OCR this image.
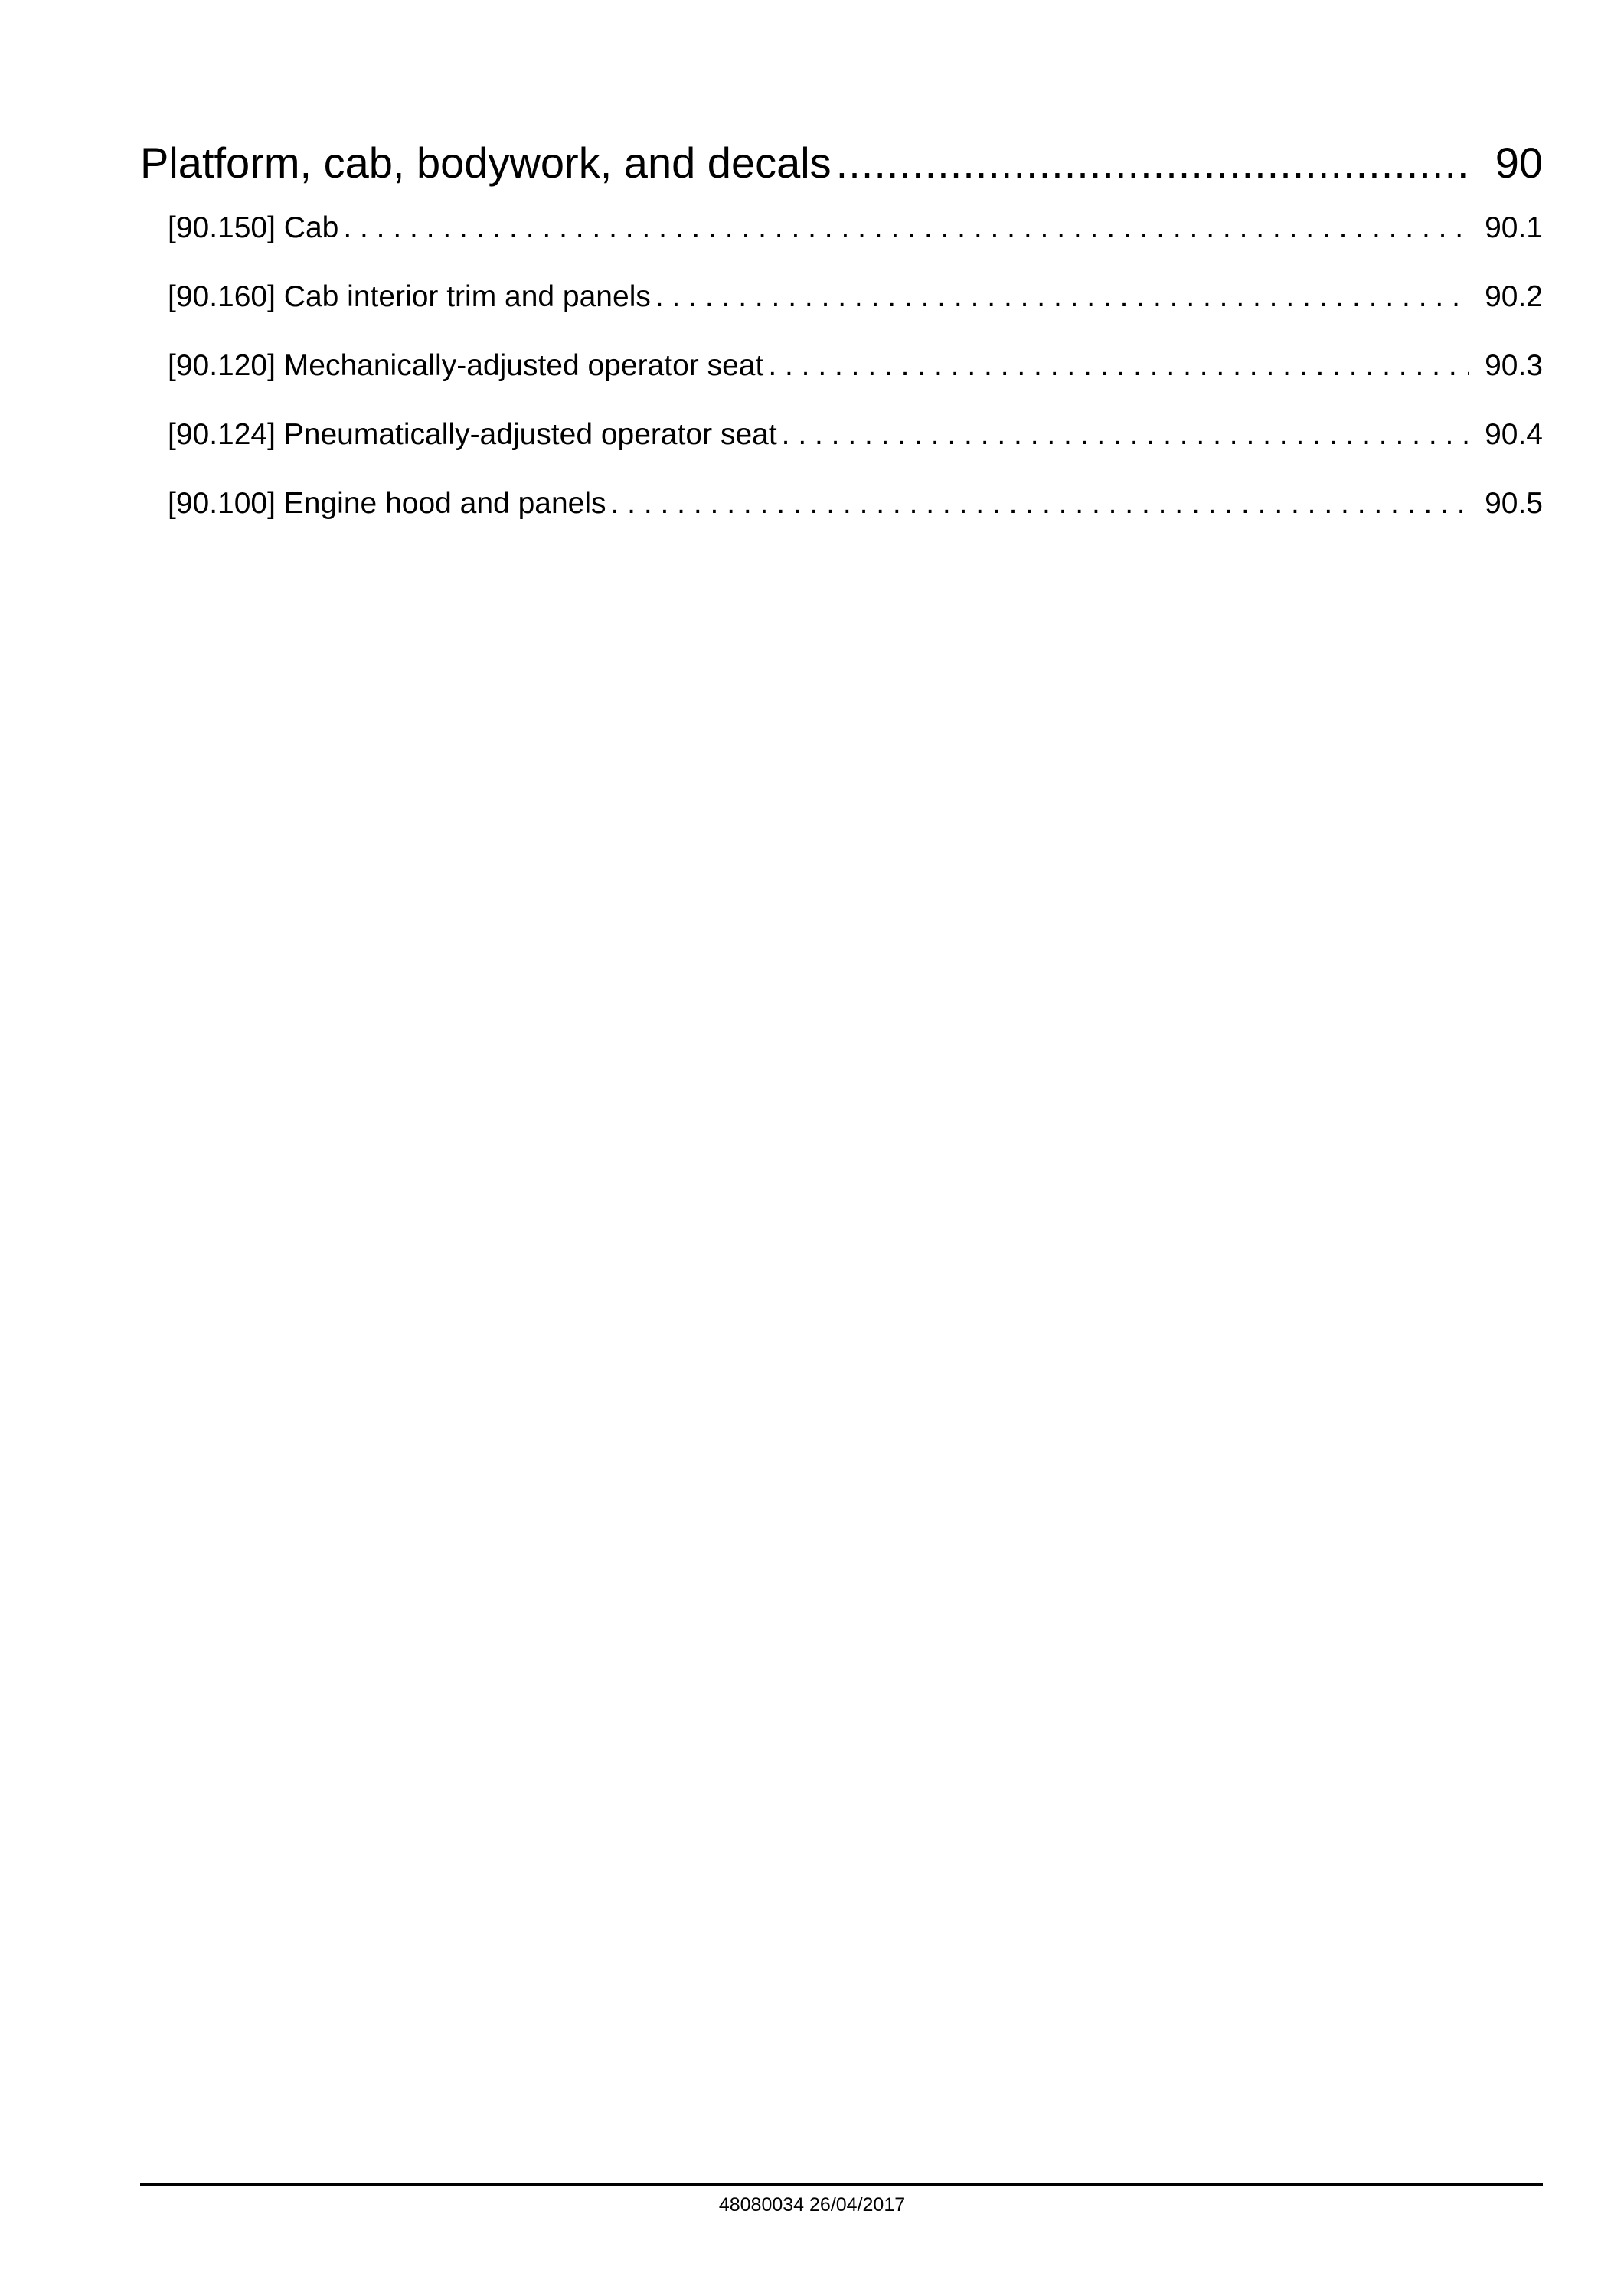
Platform, cab, bodywork, and decals .....	90
[90.150] Cab . . .	90.1
[90.160] Cab interior trim and panels . . .	90.2
[90.120] Mechanically-adjusted operator seat . . .	90.3
[90.124] Pneumatically-adjusted operator seat . . .	90.4
[90.100] Engine hood and panels . . .	90.5
48080034 26/04/2017
